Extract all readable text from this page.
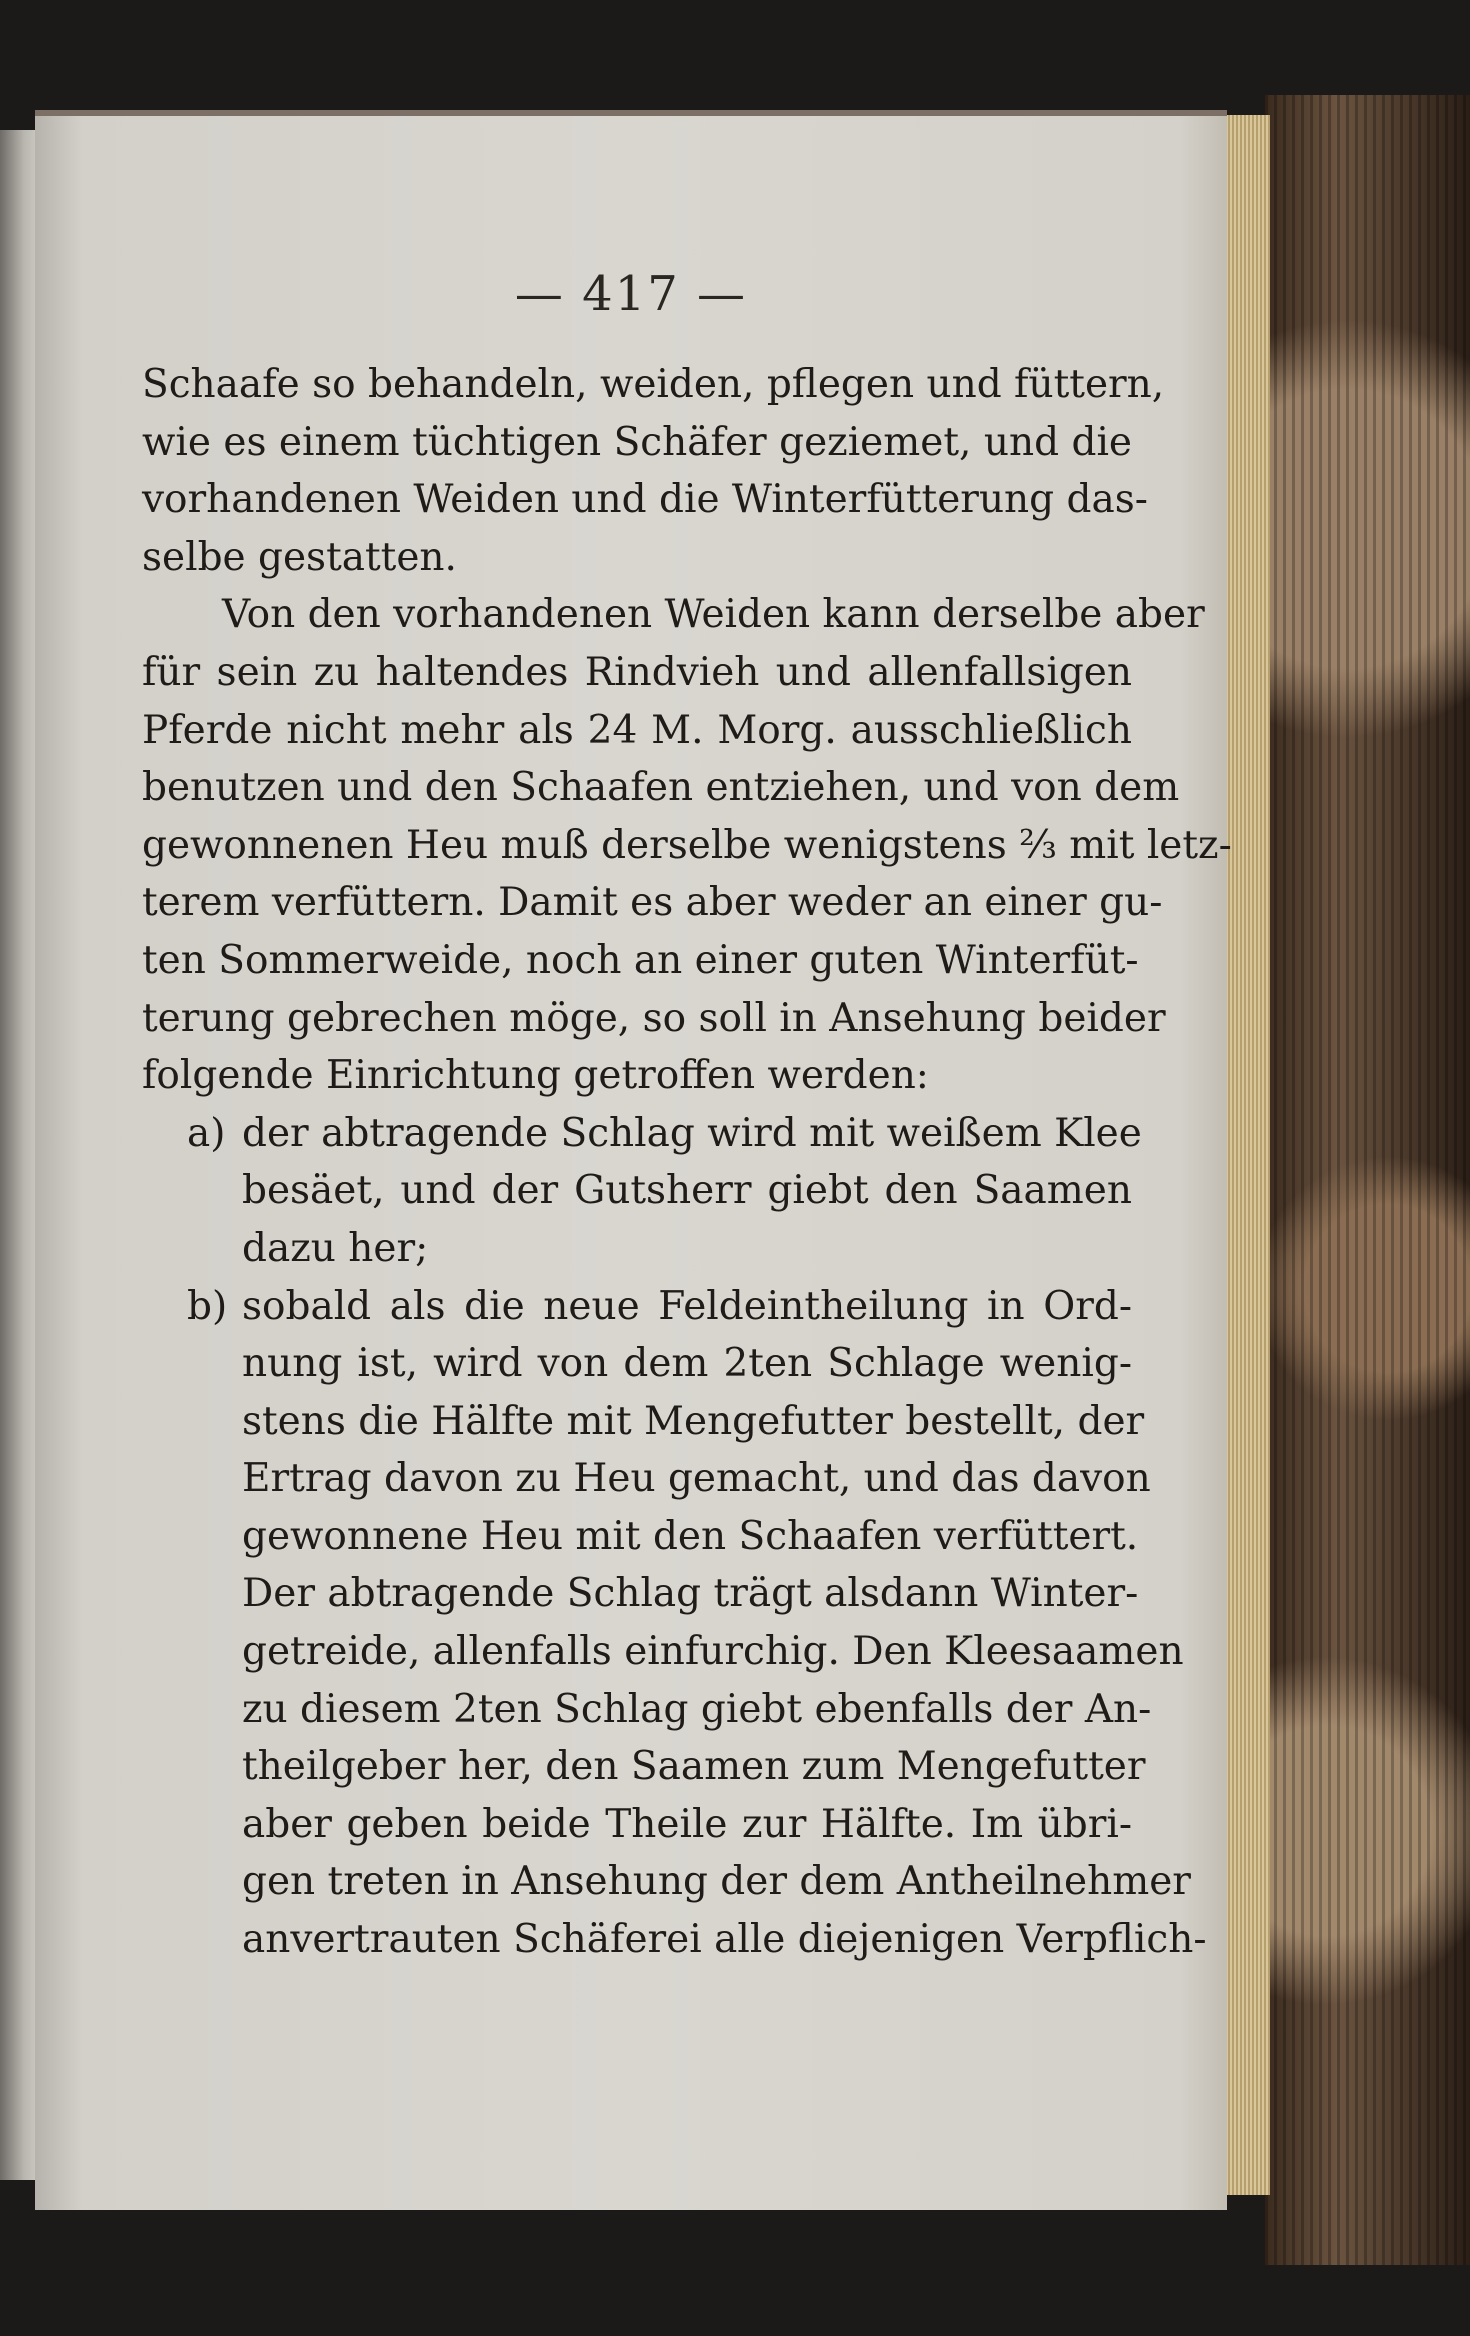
— 417 —
Schaafe so behandeln, weiden, pflegen und füttern,
wie es einem tüchtigen Schäfer geziemet, und die
vorhandenen Weiden und die Winterfütterung das-
selbe gestatten.
Von den vorhandenen Weiden kann derselbe aber
für sein zu haltendes Rindvieh und allenfallsigen
Pferde nicht mehr als 24 M. Morg. ausschließlich
benutzen und den Schaafen entziehen, und von dem
gewonnenen Heu muß derselbe wenigstens ⅔ mit letz-
terem verfüttern. Damit es aber weder an einer gu-
ten Sommerweide, noch an einer guten Winterfüt-
terung gebrechen möge, so soll in Ansehung beider
folgende Einrichtung getroffen werden:
a) der abtragende Schlag wird mit weißem Klee
besäet, und der Gutsherr giebt den Saamen
dazu her;
b) sobald als die neue Feldeintheilung in Ord-
nung ist, wird von dem 2ten Schlage wenig-
stens die Hälfte mit Mengefutter bestellt, der
Ertrag davon zu Heu gemacht, und das davon
gewonnene Heu mit den Schaafen verfüttert.
Der abtragende Schlag trägt alsdann Winter-
getreide, allenfalls einfurchig. Den Kleesaamen
zu diesem 2ten Schlag giebt ebenfalls der An-
theilgeber her, den Saamen zum Mengefutter
aber geben beide Theile zur Hälfte. Im übri-
gen treten in Ansehung der dem Antheilnehmer
anvertrauten Schäferei alle diejenigen Verpflich-
